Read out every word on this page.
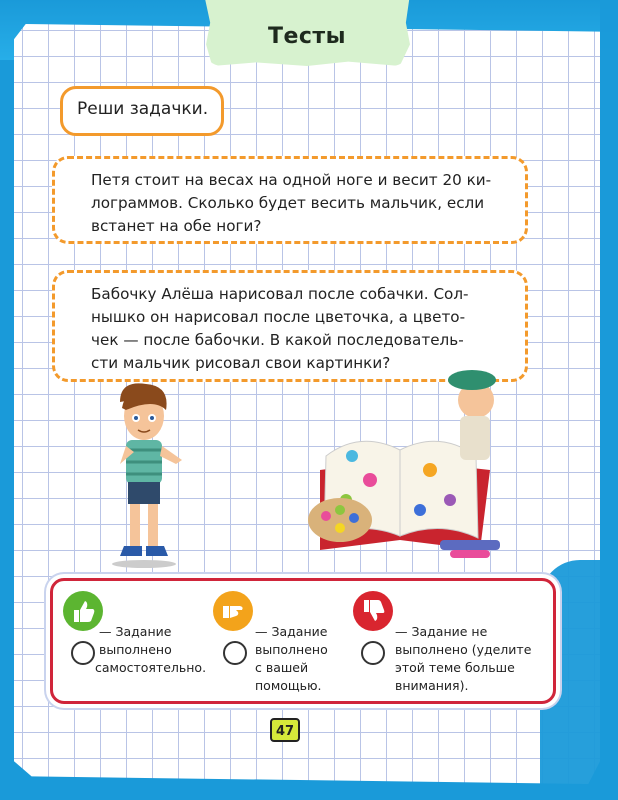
Тесты
Реши задачки.
Петя стоит на весах на одной ноге и весит 20 ки-
лограммов. Сколько будет весить мальчик, если
встанет на обе ноги?
Бабочку Алёша нарисовал после собачки. Сол-
нышко он нарисовал после цветочка, а цвето-
чек — после бабочки. В какой последователь-
сти мальчик рисовал свои картинки?
— Задание
выполнено
самостоятельно.
— Задание
выполнено
с вашей
помощью.
— Задание не
выполнено (уделите
этой теме больше
внимания).
47
